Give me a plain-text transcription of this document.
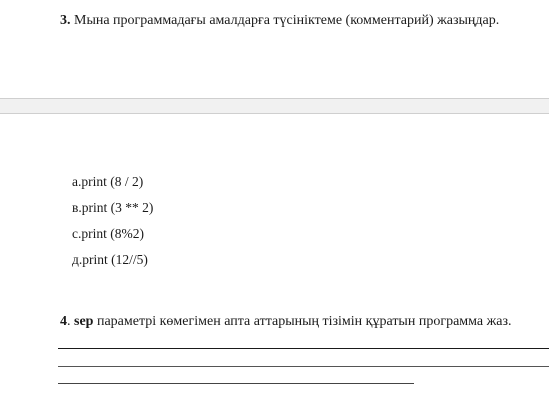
3. Мына программадағы амалдарға түсініктеме (комментарий) жазыңдар.
а.print (8 / 2)
в.print (3 ** 2)
с.print (8%2)
д.print (12//5)
4. sep параметрі көмегімен апта аттарының тізімін құратын программа жаз.
